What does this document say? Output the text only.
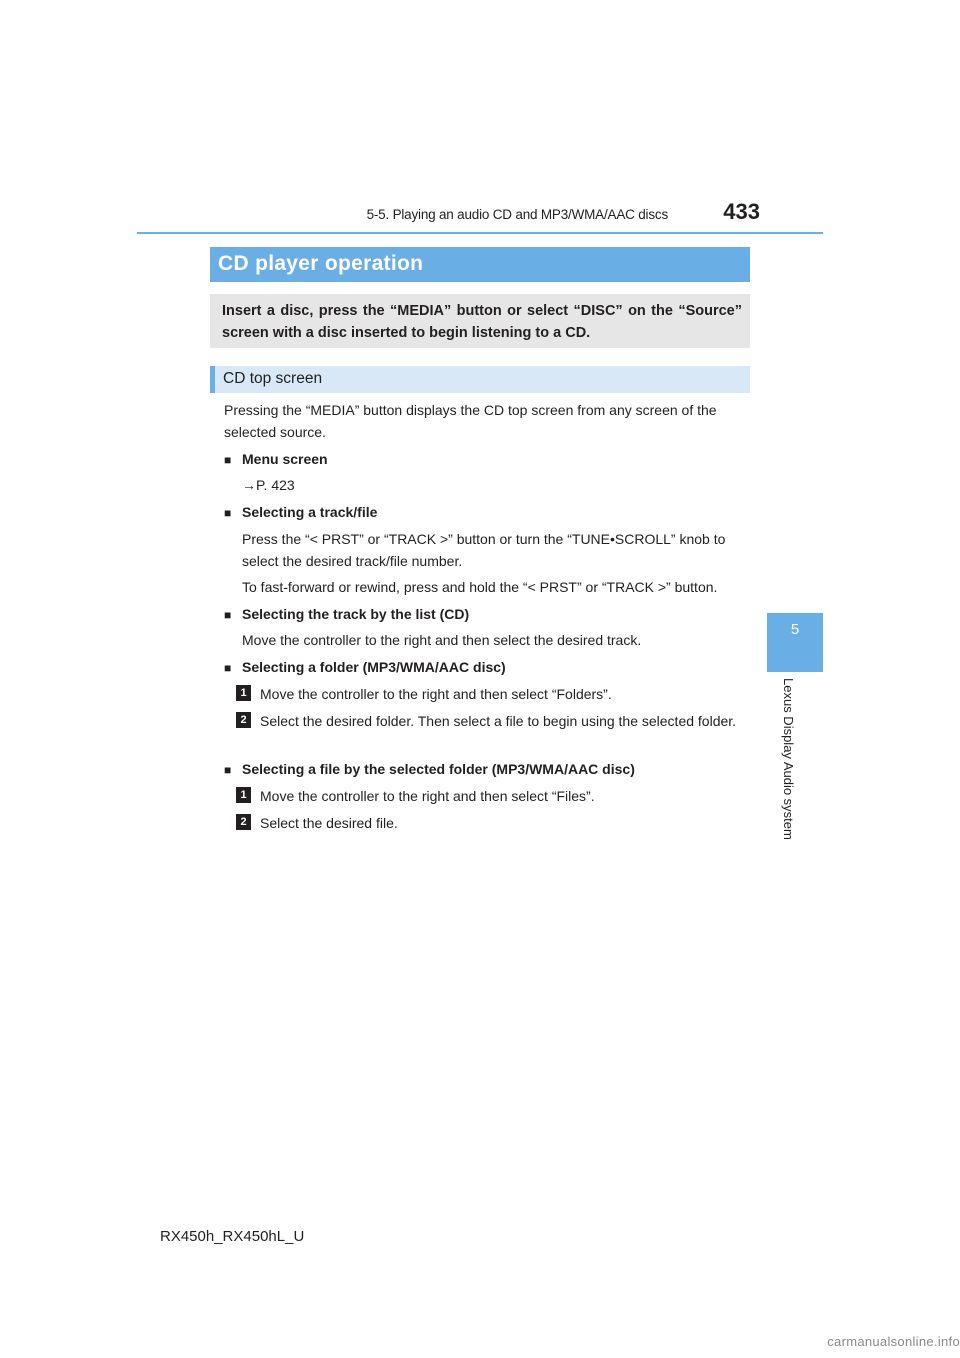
5-5. Playing an audio CD and MP3/WMA/AAC discs	433
5
Lexus Display Audio system
CD player operation
Insert a disc, press the “MEDIA” button or select “DISC” on the “Source” screen with a disc inserted to begin listening to a CD.
CD top screen
Pressing the “MEDIA” button displays the CD top screen from any screen of the selected source.
■ Menu screen
→P. 423
■ Selecting a track/file
Press the “< PRST” or “TRACK >” button or turn the “TUNE•SCROLL” knob to select the desired track/file number.
To fast-forward or rewind, press and hold the “< PRST” or “TRACK >” button.
■ Selecting the track by the list (CD)
Move the controller to the right and then select the desired track.
■ Selecting a folder (MP3/WMA/AAC disc)
1 Move the controller to the right and then select “Folders”.
2 Select the desired folder. Then select a file to begin using the selected folder.
■ Selecting a file by the selected folder (MP3/WMA/AAC disc)
1 Move the controller to the right and then select “Files”.
2 Select the desired file.
RX450h_RX450hL_U
carmanualsonline.info
